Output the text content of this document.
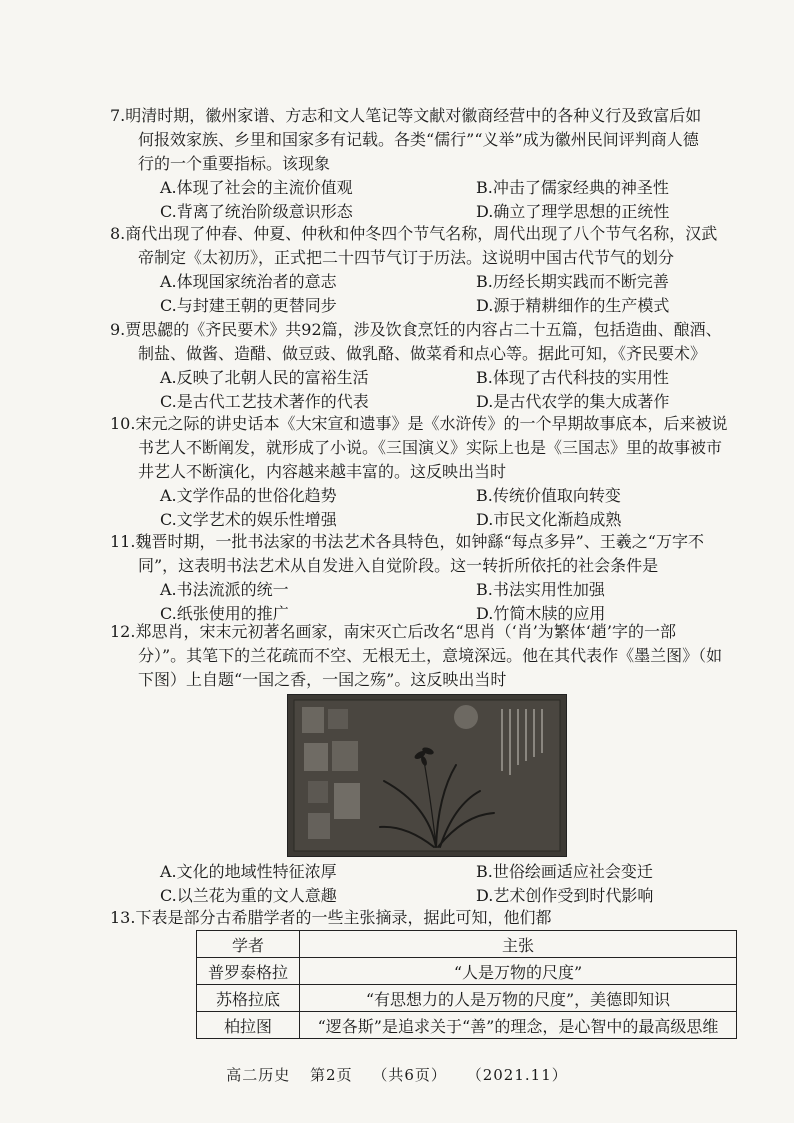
7.明清时期，徽州家谱、方志和文人笔记等文献对徽商经营中的各种义行及致富后如
何报效家族、乡里和国家多有记载。各类“儒行”“义举”成为徽州民间评判商人德
行的一个重要指标。该现象
A.体现了社会的主流价值观	B.冲击了儒家经典的神圣性
C.背离了统治阶级意识形态	D.确立了理学思想的正统性
8.商代出现了仲春、仲夏、仲秋和仲冬四个节气名称，周代出现了八个节气名称，汉武
帝制定《太初历》，正式把二十四节气订于历法。这说明中国古代节气的划分
A.体现国家统治者的意志	B.历经长期实践而不断完善
C.与封建王朝的更替同步	D.源于精耕细作的生产模式
9.贾思勰的《齐民要术》共92篇，涉及饮食烹饪的内容占二十五篇，包括造曲、酿酒、
制盐、做酱、造醋、做豆豉、做乳酪、做菜肴和点心等。据此可知，《齐民要术》
A.反映了北朝人民的富裕生活	B.体现了古代科技的实用性
C.是古代工艺技术著作的代表	D.是古代农学的集大成著作
10.宋元之际的讲史话本《大宋宣和遗事》是《水浒传》的一个早期故事底本，后来被说
书艺人不断阐发，就形成了小说。《三国演义》实际上也是《三国志》里的故事被市
井艺人不断演化，内容越来越丰富的。这反映出当时
A.文学作品的世俗化趋势	B.传统价值取向转变
C.文学艺术的娱乐性增强	D.市民文化渐趋成熟
11.魏晋时期，一批书法家的书法艺术各具特色，如钟繇“每点多异”、王羲之“万字不
同”，这表明书法艺术从自发进入自觉阶段。这一转折所依托的社会条件是
A.书法流派的统一	B.书法实用性加强
C.纸张使用的推广	D.竹简木牍的应用
12.郑思肖，宋末元初著名画家，南宋灭亡后改名“思肖（‘肖’为繁体‘趙’字的一部
分）”。其笔下的兰花疏而不空、无根无土，意境深远。他在其代表作《墨兰图》（如
下图）上自题“一国之香，一国之殇”。这反映出当时
A.文化的地域性特征浓厚	B.世俗绘画适应社会变迁
C.以兰花为重的文人意趣	D.艺术创作受到时代影响
13.下表是部分古希腊学者的一些主张摘录，据此可知，他们都
学者	主张
普罗泰格拉	“人是万物的尺度”
苏格拉底	“有思想力的人是万物的尺度”，美德即知识
柏拉图	“逻各斯”是追求关于“善”的理念，是心智中的最高级思维
高二历史 第2页 （共6页） （2021.11）
